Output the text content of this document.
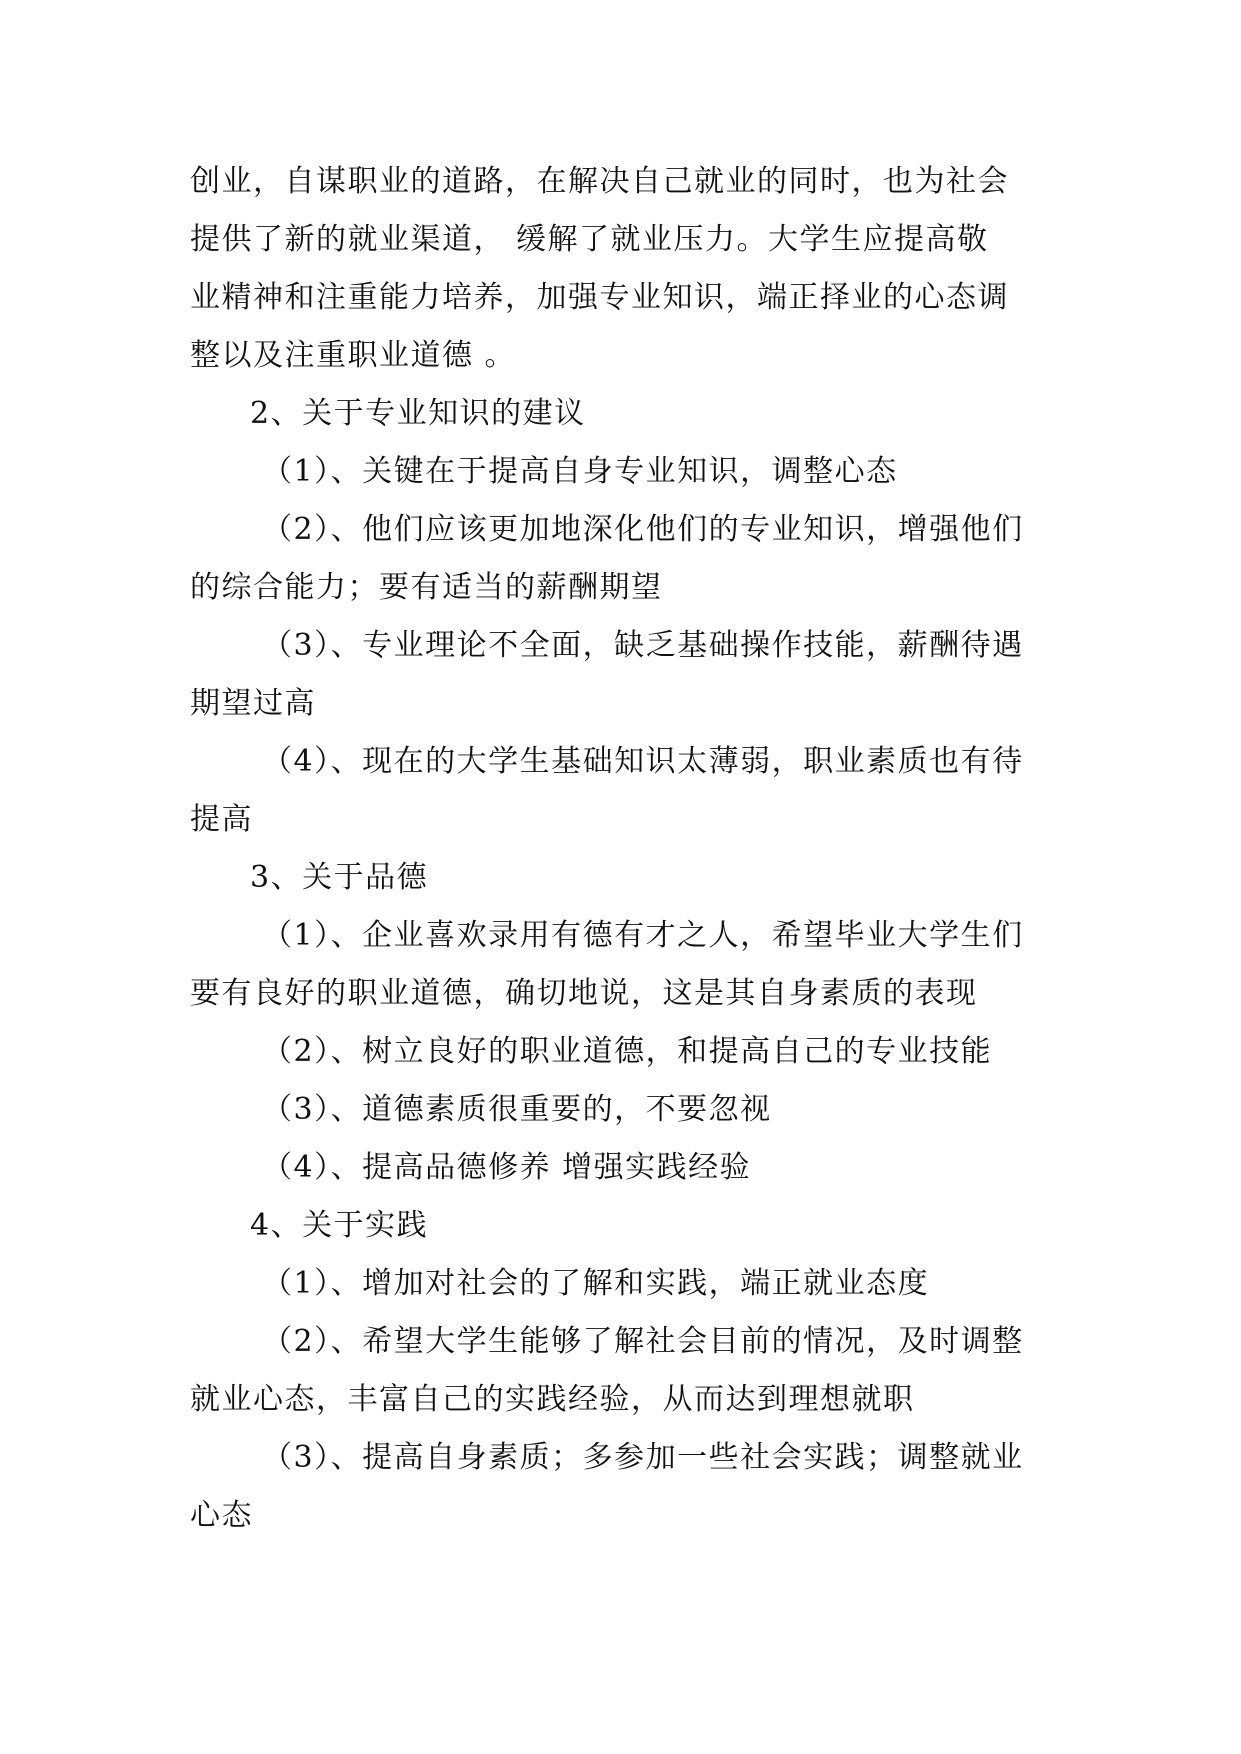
创业，自谋职业的道路，在解决自己就业的同时，也为社会
提供了新的就业渠道， 缓解了就业压力。大学生应提高敬
业精神和注重能力培养，加强专业知识，端正择业的心态调
整以及注重职业道德 。
2、关于专业知识的建议
（1）、关键在于提高自身专业知识，调整心态
（2）、他们应该更加地深化他们的专业知识，增强他们
的综合能力；要有适当的薪酬期望
（3）、专业理论不全面，缺乏基础操作技能，薪酬待遇
期望过高
（4）、现在的大学生基础知识太薄弱，职业素质也有待
提高
3、关于品德
（1）、企业喜欢录用有德有才之人，希望毕业大学生们
要有良好的职业道德，确切地说，这是其自身素质的表现
（2）、树立良好的职业道德，和提高自己的专业技能
（3）、道德素质很重要的，不要忽视
（4）、提高品德修养 增强实践经验
4、关于实践
（1）、增加对社会的了解和实践，端正就业态度
（2）、希望大学生能够了解社会目前的情况，及时调整
就业心态，丰富自己的实践经验，从而达到理想就职
（3）、提高自身素质；多参加一些社会实践；调整就业
心态
